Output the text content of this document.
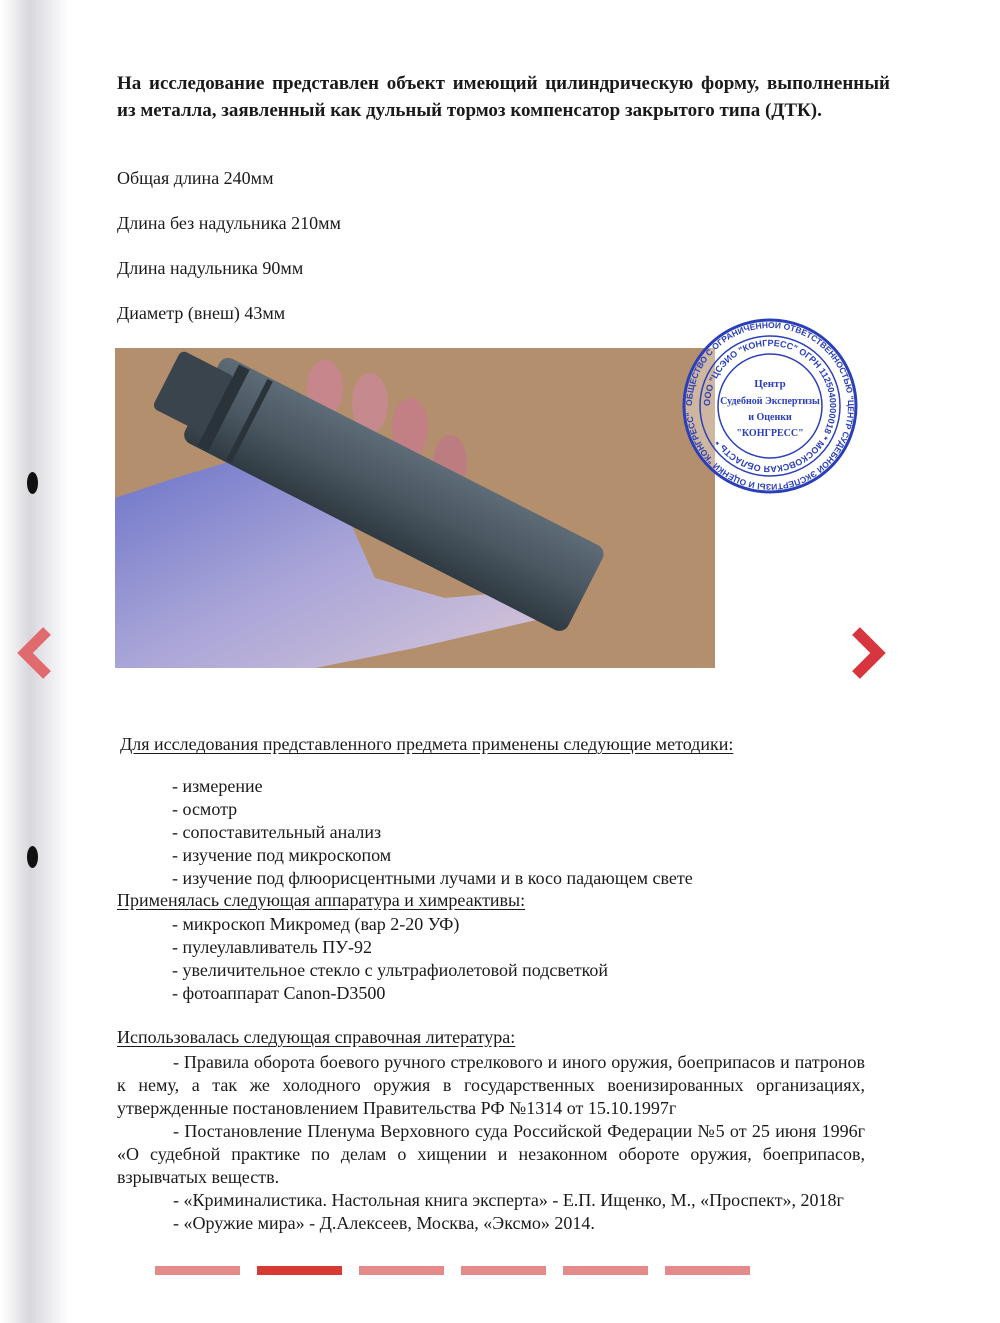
На исследование представлен объект имеющий цилиндрическую форму, выполненный из металла, заявленный как дульный тормоз компенсатор закрытого типа (ДТК).
Общая длина 240мм
Длина без надульника 210мм
Длина надульника 90мм
Диаметр (внеш) 43мм
ОБЩЕСТВО С ОГРАНИЧЕННОЙ ОТВЕТСТВЕННОСТЬЮ "ЦЕНТР СУДЕБНОЙ ЭКСПЕРТИЗЫ И ОЦЕНКИ "КОНГРЕСС"
ООО "ЦСЭИО "КОНГРЕСС" ОГРН 1125040000018 * МОСКОВСКАЯ ОБЛАСТЬ *
Центр
Судебной Экспертизы
и Оценки
"КОНГРЕСС"
Для исследования представленного предмета применены следующие методики:
- измерение
- осмотр
- сопоставительный анализ
- изучение под микроскопом
- изучение под флюорисцентными лучами и в косо падающем свете
Применялась следующая аппаратура и химреактивы:
- микроскоп Микромед (вар 2-20 УФ)
- пулеулавливатель ПУ-92
- увеличительное стекло с ультрафиолетовой подсветкой
- фотоаппарат Canon-D3500
Использовалась следующая справочная литература:

- Правила оборота боевого ручного стрелкового и иного оружия, боеприпасов и патронов к нему, а так же холодного оружия в государственных военизированных организациях, утвержденные постановлением Правительства РФ №1314 от 15.10.1997г

- Постановление Пленума Верховного суда Российской Федерации №5 от 25 июня 1996г «О судебной практике по делам о хищении и незаконном обороте оружия, боеприпасов, взрывчатых веществ.

- «Криминалистика. Настольная книга эксперта» - Е.П. Ищенко, М., «Проспект», 2018г

- «Оружие мира» - Д.Алексеев, Москва, «Эксмо» 2014.
